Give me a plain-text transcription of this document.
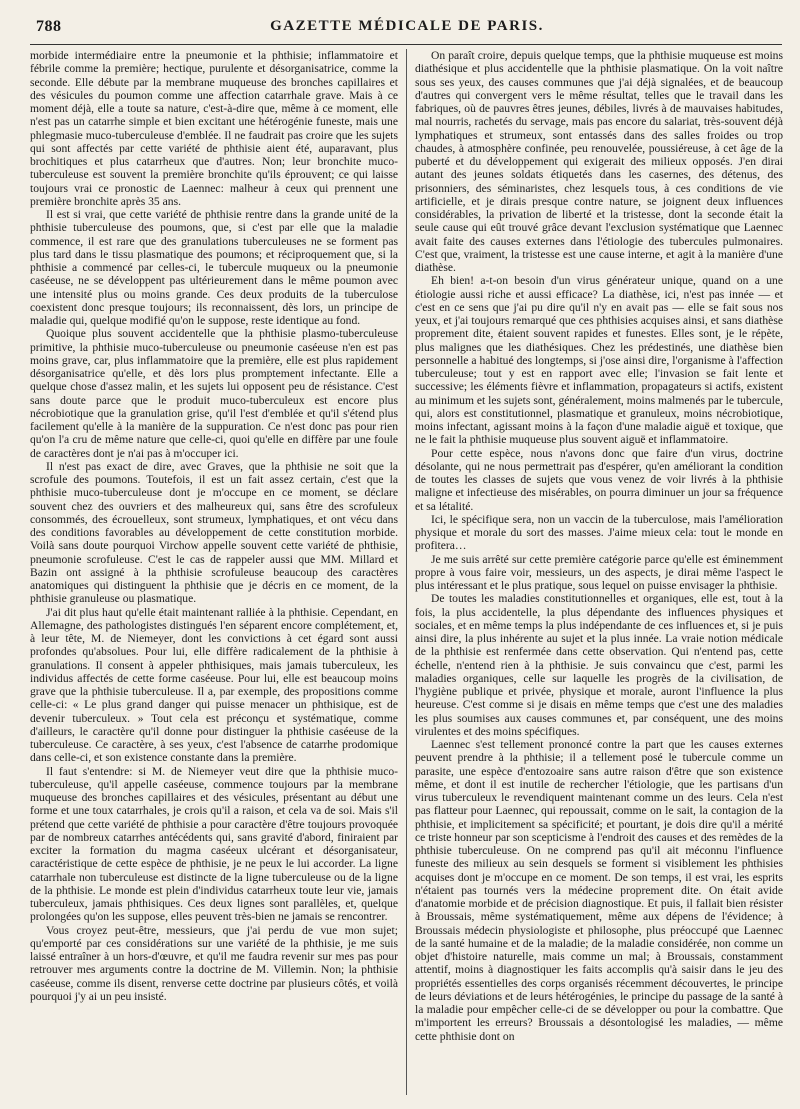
788	GAZETTE MÉDICALE DE PARIS.

morbide intermédiaire entre la pneumonie et la phthisie; inflammatoire et fébrile comme la première; hectique, purulente et désorganisatrice, comme la seconde. Elle débute par la membrane muqueuse des bronches capillaires et des vésicules du poumon comme une affection catarrhale grave. Mais à ce moment déjà, elle a toute sa nature, c'est-à-dire que, même à ce moment, elle n'est pas un catarrhe simple et bien excitant une hétérogénie funeste, mais une phlegmasie muco-tuberculeuse d'emblée. Il ne faudrait pas croire que les sujets qui sont affectés par cette variété de phthisie aient été, auparavant, plus brochitiques et plus catarrheux que d'autres. Non; leur bronchite muco-tuberculeuse est souvent la première bronchite qu'ils éprouvent; ce qui laisse toujours vrai ce pronostic de Laennec: malheur à ceux qui prennent une première bronchite après 35 ans.

Il est si vrai, que cette variété de phthisie rentre dans la grande unité de la phthisie tuberculeuse des poumons, que, si c'est par elle que la maladie commence, il est rare que des granulations tuberculeuses ne se forment pas plus tard dans le tissu plasmatique des poumons; et réciproquement que, si la phthisie a commencé par celles-ci, le tubercule muqueux ou la pneumonie caséeuse, ne se développent pas ultérieurement dans le même poumon avec une intensité plus ou moins grande. Ces deux produits de la tuberculose coexistent donc presque toujours; ils reconnaissent, dès lors, un principe de maladie qui, quelque modifié qu'on le suppose, reste identique au fond.

Quoique plus souvent accidentelle que la phthisie plasmo-tuberculeuse primitive, la phthisie muco-tuberculeuse ou pneumonie caséeuse n'en est pas moins grave, car, plus inflammatoire que la première, elle est plus rapidement désorganisatrice qu'elle, et dès lors plus promptement infectante. Elle a quelque chose d'assez malin, et les sujets lui opposent peu de résistance. C'est sans doute parce que le produit muco-tuberculeux est encore plus nécrobiotique que la granulation grise, qu'il l'est d'emblée et qu'il s'étend plus facilement qu'elle à la manière de la suppuration. Ce n'est donc pas pour rien qu'on l'a cru de même nature que celle-ci, quoi qu'elle en diffère par une foule de caractères dont je n'ai pas à m'occuper ici.

Il n'est pas exact de dire, avec Graves, que la phthisie ne soit que la scrofule des poumons. Toutefois, il est un fait assez certain, c'est que la phthisie muco-tuberculeuse dont je m'occupe en ce moment, se déclare souvent chez des ouvriers et des malheureux qui, sans être des scrofuleux consommés, des écrouelleux, sont strumeux, lymphatiques, et ont vécu dans des conditions favorables au développement de cette constitution morbide. Voilà sans doute pourquoi Virchow appelle souvent cette variété de phthisie, pneumonie scrofuleuse. C'est le cas de rappeler aussi que MM. Millard et Bazin ont assigné à la phthisie scrofuleuse beaucoup des caractères anatomiques qui distinguent la phthisie que je décris en ce moment, de la phthisie granuleuse ou plasmatique.

J'ai dit plus haut qu'elle était maintenant ralliée à la phthisie. Cependant, en Allemagne, des pathologistes distingués l'en séparent encore complétement, et, à leur tête, M. de Niemeyer, dont les convictions à cet égard sont aussi profondes qu'absolues. Pour lui, elle diffère radicalement de la phthisie à granulations. Il consent à appeler phthisiques, mais jamais tuberculeux, les individus affectés de cette forme caséeuse. Pour lui, elle est beaucoup moins grave que la phthisie tuberculeuse. Il a, par exemple, des propositions comme celle-ci: « Le plus grand danger qui puisse menacer un phthisique, est de devenir tuberculeux. » Tout cela est préconçu et systématique, comme d'ailleurs, le caractère qu'il donne pour distinguer la phthisie caséeuse de la tuberculeuse. Ce caractère, à ses yeux, c'est l'absence de catarrhe prodomique dans celle-ci, et son existence constante dans la première.

Il faut s'entendre: si M. de Niemeyer veut dire que la phthisie muco-tuberculeuse, qu'il appelle caséeuse, commence toujours par la membrane muqueuse des bronches capillaires et des vésicules, présentant au début une forme et une toux catarrhales, je crois qu'il a raison, et cela va de soi. Mais s'il prétend que cette variété de phthisie a pour caractère d'être toujours provoquée par de nombreux catarrhes antécédents qui, sans gravité d'abord, finiraient par exciter la formation du magma caséeux ulcérant et désorganisateur, caractéristique de cette espèce de phthisie, je ne peux le lui accorder. La ligne catarrhale non tuberculeuse est distincte de la ligne tuberculeuse ou de la ligne de la phthisie. Le monde est plein d'individus catarrheux toute leur vie, jamais tuberculeux, jamais phthisiques. Ces deux lignes sont parallèles, et, quelque prolongées qu'on les suppose, elles peuvent très-bien ne jamais se rencontrer.

Vous croyez peut-être, messieurs, que j'ai perdu de vue mon sujet; qu'emporté par ces considérations sur une variété de la phthisie, je me suis laissé entraîner à un hors-d'œuvre, et qu'il me faudra revenir sur mes pas pour retrouver mes arguments contre la doctrine de M. Villemin. Non; la phthisie caséeuse, comme ils disent, renverse cette doctrine par plusieurs côtés, et voilà pourquoi j'y ai un peu insisté.

On paraît croire, depuis quelque temps, que la phthisie muqueuse est moins diathésique et plus accidentelle que la phthisie plasmatique. On la voit naître sous ses yeux, des causes communes que j'ai déjà signalées, et de beaucoup d'autres qui convergent vers le même résultat, telles que le travail dans les fabriques, où de pauvres êtres jeunes, débiles, livrés à de mauvaises habitudes, mal nourris, rachetés du servage, mais pas encore du salariat, très-souvent déjà lymphatiques et strumeux, sont entassés dans des salles froides ou trop chaudes, à atmosphère confinée, peu renouvelée, poussiéreuse, à cet âge de la puberté et du développement qui exigerait des milieux opposés. J'en dirai autant des jeunes soldats étiquetés dans les casernes, des détenus, des prisonniers, des séminaristes, chez lesquels tous, à ces conditions de vie artificielle, et je dirais presque contre nature, se joignent deux influences considérables, la privation de liberté et la tristesse, dont la seconde était la seule cause qui eût trouvé grâce devant l'exclusion systématique que Laennec avait faite des causes externes dans l'étiologie des tubercules pulmonaires. C'est que, vraiment, la tristesse est une cause interne, et agit à la manière d'une diathèse.

Eh bien! a-t-on besoin d'un virus générateur unique, quand on a une étiologie aussi riche et aussi efficace? La diathèse, ici, n'est pas innée — et c'est en ce sens que j'ai pu dire qu'il n'y en avait pas — elle se fait sous nos yeux, et j'ai toujours remarqué que ces phthisies acquises ainsi, et sans diathèse proprement dite, étaient souvent rapides et funestes. Elles sont, je le répète, plus malignes que les diathésiques. Chez les prédestinés, une diathèse bien personnelle a habitué des longtemps, si j'ose ainsi dire, l'organisme à l'affection tuberculeuse; tout y est en rapport avec elle; l'invasion se fait lente et successive; les éléments fièvre et inflammation, propagateurs si actifs, existent au minimum et les sujets sont, généralement, moins malmenés par le tubercule, qui, alors est constitutionnel, plasmatique et granuleux, moins nécrobiotique, moins infectant, agissant moins à la façon d'une maladie aiguë et toxique, que ne le fait la phthisie muqueuse plus souvent aiguë et inflammatoire.

Pour cette espèce, nous n'avons donc que faire d'un virus, doctrine désolante, qui ne nous permettrait pas d'espérer, qu'en améliorant la condition de toutes les classes de sujets que vous venez de voir livrés à la phthisie maligne et infectieuse des misérables, on pourra diminuer un jour sa fréquence et sa létalité.

Ici, le spécifique sera, non un vaccin de la tuberculose, mais l'amélioration physique et morale du sort des masses. J'aime mieux cela: tout le monde en profitera…

Je me suis arrêté sur cette première catégorie parce qu'elle est éminemment propre à vous faire voir, messieurs, un des aspects, je dirai même l'aspect le plus intéressant et le plus pratique, sous lequel on puisse envisager la phthisie.

De toutes les maladies constitutionnelles et organiques, elle est, tout à la fois, la plus accidentelle, la plus dépendante des influences physiques et sociales, et en même temps la plus indépendante de ces influences et, si je puis ainsi dire, la plus inhérente au sujet et la plus innée. La vraie notion médicale de la phthisie est renfermée dans cette observation. Qui n'entend pas, cette échelle, n'entend rien à la phthisie. Je suis convaincu que c'est, parmi les maladies organiques, celle sur laquelle les progrès de la civilisation, de l'hygiène publique et privée, physique et morale, auront l'influence la plus heureuse. C'est comme si je disais en même temps que c'est une des maladies les plus soumises aux causes communes et, par conséquent, une des moins virulentes et des moins spécifiques.

Laennec s'est tellement prononcé contre la part que les causes externes peuvent prendre à la phthisie; il a tellement posé le tubercule comme un parasite, une espèce d'entozoaire sans autre raison d'être que son existence même, et dont il est inutile de rechercher l'étiologie, que les partisans d'un virus tuberculeux le revendiquent maintenant comme un des leurs. Cela n'est pas flatteur pour Laennec, qui repoussait, comme on le sait, la contagion de la phthisie, et implicitement sa spécificité; et pourtant, je dois dire qu'il a mérité ce triste honneur par son scepticisme à l'endroit des causes et des remèdes de la phthisie tuberculeuse. On ne comprend pas qu'il ait méconnu l'influence funeste des milieux au sein desquels se forment si visiblement les phthisies acquises dont je m'occupe en ce moment. De son temps, il est vrai, les esprits n'étaient pas tournés vers la médecine proprement dite. On était avide d'anatomie morbide et de précision diagnostique. Et puis, il fallait bien résister à Broussais, même systématiquement, même aux dépens de l'évidence; à Broussais médecin physiologiste et philosophe, plus préoccupé que Laennec de la santé humaine et de la maladie; de la maladie considérée, non comme un objet d'histoire naturelle, mais comme un mal; à Broussais, constamment attentif, moins à diagnostiquer les faits accomplis qu'à saisir dans le jeu des propriétés essentielles des corps organisés récemment découvertes, le principe de leurs déviations et de leurs hétérogénies, le principe du passage de la santé à la maladie pour empêcher celle-ci de se développer ou pour la combattre. Que m'importent les erreurs? Broussais a désontologisé les maladies, — même cette phthisie dont on
